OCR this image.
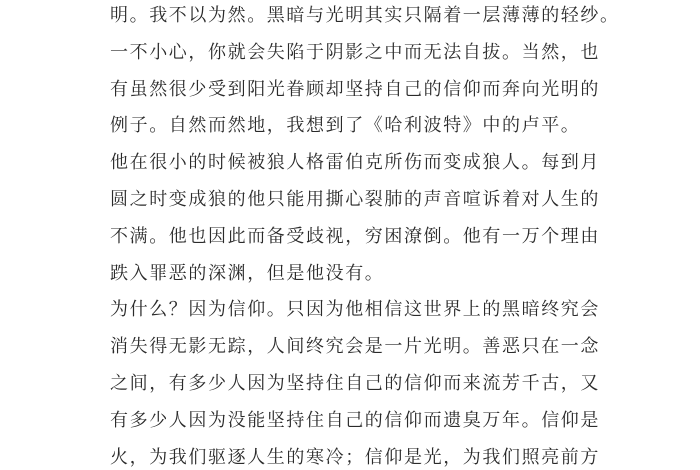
明。我不以为然。黑暗与光明其实只隔着一层薄薄的轻纱。
一不小心，你就会失陷于阴影之中而无法自拔。当然，也
有虽然很少受到阳光眷顾却坚持自己的信仰而奔向光明的
例子。自然而然地，我想到了《哈利波特》中的卢平。
他在很小的时候被狼人格雷伯克所伤而变成狼人。每到月
圆之时变成狼的他只能用撕心裂肺的声音喧诉着对人生的
不满。他也因此而备受歧视，穷困潦倒。他有一万个理由
跌入罪恶的深渊，但是他没有。
为什么？因为信仰。只因为他相信这世界上的黑暗终究会
消失得无影无踪，人间终究会是一片光明。善恶只在一念
之间，有多少人因为坚持住自己的信仰而来流芳千古，又
有多少人因为没能坚持住自己的信仰而遗臭万年。信仰是
火，为我们驱逐人生的寒冷；信仰是光，为我们照亮前方
